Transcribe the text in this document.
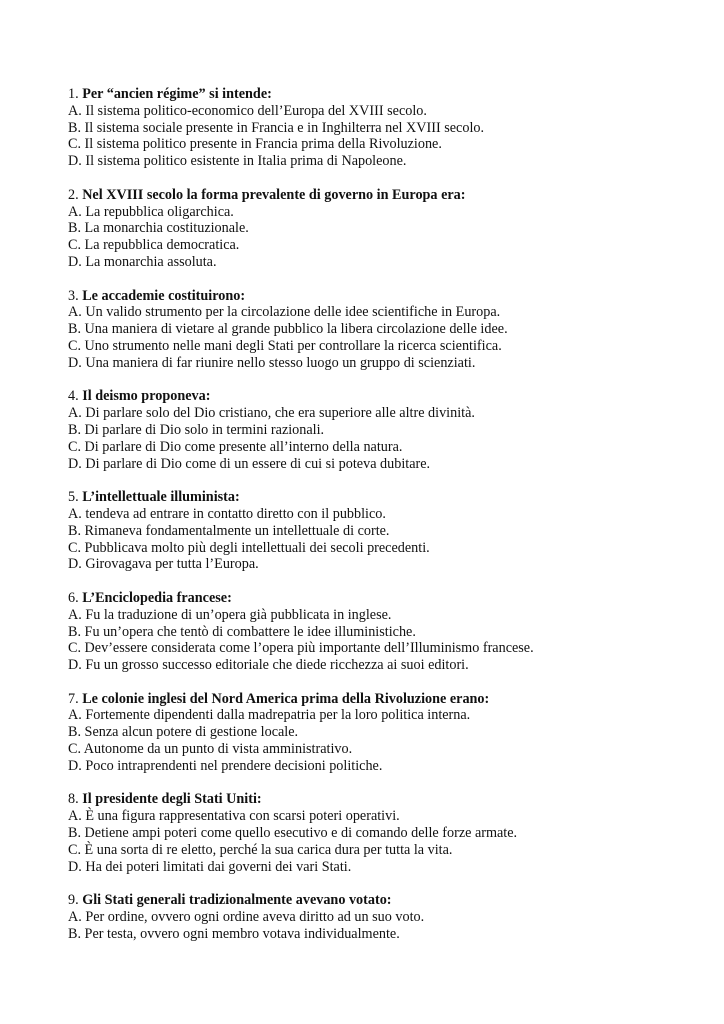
1. Per “ancien régime” si intende:
A. Il sistema politico-economico dell’Europa del XVIII secolo.
B. Il sistema sociale presente in Francia e in Inghilterra nel XVIII secolo.
C. Il sistema politico presente in Francia prima della Rivoluzione.
D. Il sistema politico esistente in Italia prima di Napoleone.
2. Nel XVIII secolo la forma prevalente di governo in Europa era:
A. La repubblica oligarchica.
B. La monarchia costituzionale.
C. La repubblica democratica.
D. La monarchia assoluta.
3. Le accademie costituirono:
A. Un valido strumento per la circolazione delle idee scientifiche in Europa.
B. Una maniera di vietare al grande pubblico la libera circolazione delle idee.
C. Uno strumento nelle mani degli Stati per controllare la ricerca scientifica.
D. Una maniera di far riunire nello stesso luogo un gruppo di scienziati.
4. Il deismo proponeva:
A. Di parlare solo del Dio cristiano, che era superiore alle altre divinità.
B. Di parlare di Dio solo in termini razionali.
C. Di parlare di Dio come presente all’interno della natura.
D. Di parlare di Dio come di un essere di cui si poteva dubitare.
5. L’intellettuale illuminista:
A. tendeva ad entrare in contatto diretto con il pubblico.
B. Rimaneva fondamentalmente un intellettuale di corte.
C. Pubblicava molto più degli intellettuali dei secoli precedenti.
D. Girovagava per tutta l’Europa.
6. L’Enciclopedia francese:
A. Fu la traduzione di un’opera già pubblicata in inglese.
B. Fu un’opera che tentò di combattere le idee illuministiche.
C. Dev’essere considerata come l’opera più importante dell’Illuminismo francese.
D. Fu un grosso successo editoriale che diede ricchezza ai suoi editori.
7. Le colonie inglesi del Nord America prima della Rivoluzione erano:
A. Fortemente dipendenti dalla madrepatria per la loro politica interna.
B. Senza alcun potere di gestione locale.
C. Autonome da un punto di vista amministrativo.
D. Poco intraprendenti nel prendere decisioni politiche.
8. Il presidente degli Stati Uniti:
A. È una figura rappresentativa con scarsi poteri operativi.
B. Detiene ampi poteri come quello esecutivo e di comando delle forze armate.
C. È una sorta di re eletto, perché la sua carica dura per tutta la vita.
D. Ha dei poteri limitati dai governi dei vari Stati.
9. Gli Stati generali tradizionalmente avevano votato:
A. Per ordine, ovvero ogni ordine aveva diritto ad un suo voto.
B. Per testa, ovvero ogni membro votava individualmente.
